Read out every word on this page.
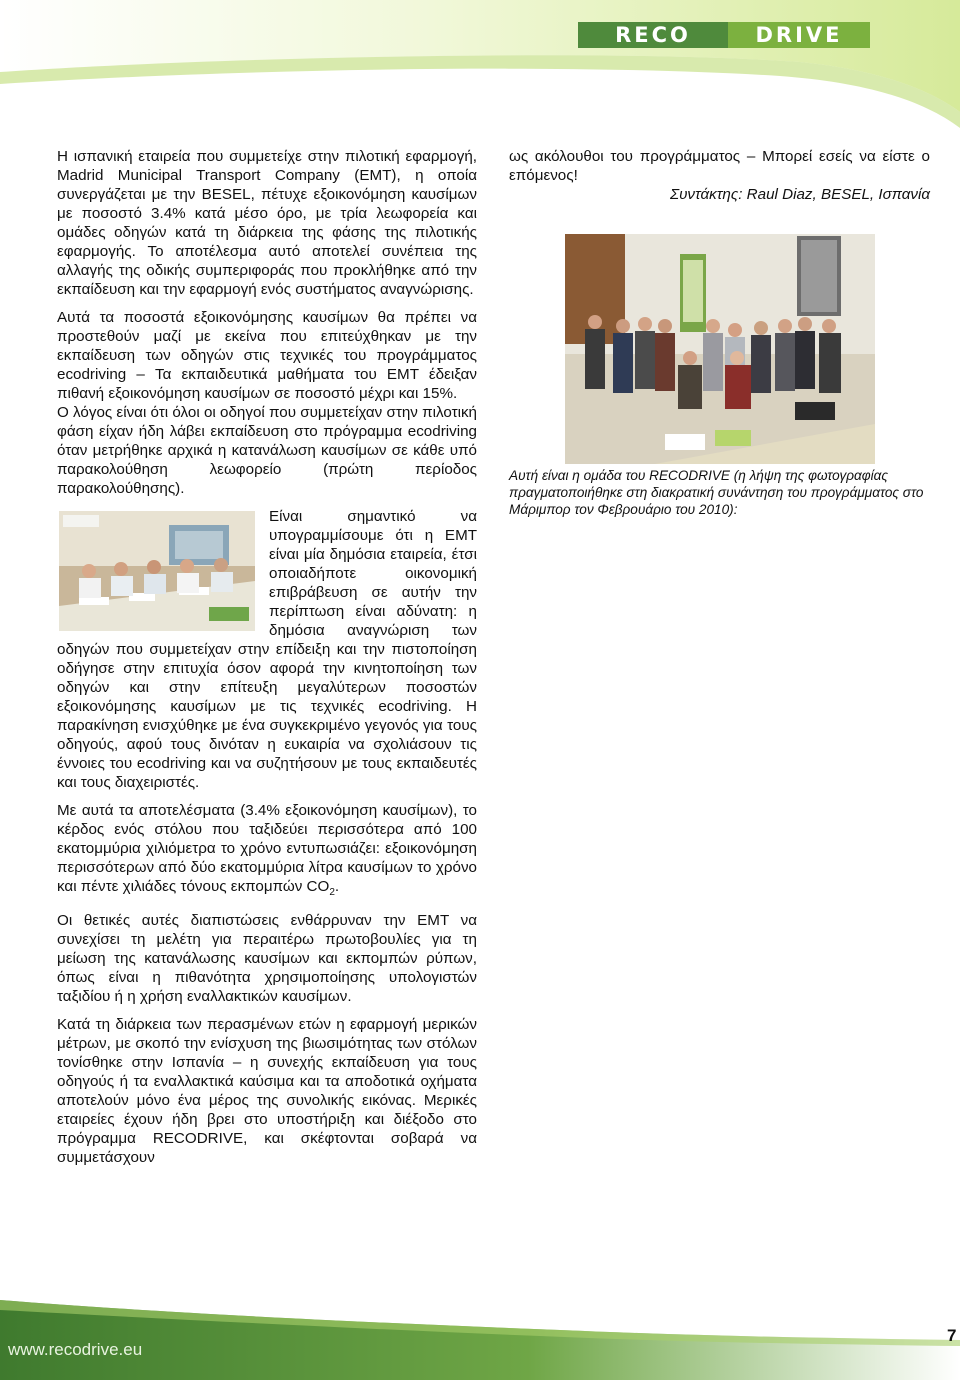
RECO	DRIVE

Η ισπανική εταιρεία που συμμετείχε στην πιλοτική εφαρμογή, Madrid Municipal Transport Company (EMT), η οποία συνεργάζεται με την BESEL, πέτυχε εξοικονόμηση καυσίμων με ποσοστό 3.4% κατά μέσο όρο, με τρία λεωφορεία και ομάδες οδηγών κατά τη διάρκεια της φάσης της πιλοτικής εφαρμογής. Το αποτέλεσμα αυτό αποτελεί συνέπεια της αλλαγής της οδικής συμπεριφοράς που προκλήθηκε από την εκπαίδευση και την εφαρμογή ενός συστήματος αναγνώρισης.

Αυτά τα ποσοστά εξοικονόμησης καυσίμων θα πρέπει να προστεθούν μαζί με εκείνα που επιτεύχθηκαν με την εκπαίδευση των οδηγών στις τεχνικές του προγράμματος ecodriving – Τα εκπαιδευτικά μαθήματα του EMT έδειξαν πιθανή εξοικονόμηση καυσίμων σε ποσοστό μέχρι και 15%.

Ο λόγος είναι ότι όλοι οι οδηγοί που συμμετείχαν στην πιλοτική φάση είχαν ήδη λάβει εκπαίδευση στο πρόγραμμα ecodriving όταν μετρήθηκε αρχικά η κατανάλωση καυσίμων σε κάθε υπό παρακολούθηση λεωφορείο (πρώτη περίοδος παρακολούθησης).

Είναι σημαντικό να υπογραμμίσουμε ότι η EMT είναι μία δημόσια εταιρεία, έτσι οποιαδήποτε οικονομική επιβράβευση σε αυτήν την περίπτωση είναι αδύνατη: η δημόσια αναγνώριση των οδηγών που συμμετείχαν στην επίδειξη και την πιστοποίηση οδήγησε στην επιτυχία όσον αφορά την κινητοποίηση των οδηγών και στην επίτευξη μεγαλύτερων ποσοστών εξοικονόμησης καυσίμων με τις τεχνικές ecodriving. Η παρακίνηση ενισχύθηκε με ένα συγκεκριμένο γεγονός για τους οδηγούς, αφού τους δινόταν η ευκαιρία να σχολιάσουν τις έννοιες του ecodriving και να συζητήσουν με τους εκπαιδευτές και τους διαχειριστές.

Με αυτά τα αποτελέσματα (3.4% εξοικονόμηση καυσίμων), το κέρδος ενός στόλου που ταξιδεύει περισσότερα από 100 εκατομμύρια χιλιόμετρα το χρόνο εντυπωσιάζει: εξοικονόμηση περισσότερων από δύο εκατομμύρια λίτρα καυσίμων το χρόνο και πέντε χιλιάδες τόνους εκπομπών $CO_2$.

Οι θετικές αυτές διαπιστώσεις ενθάρρυναν την EMT να συνεχίσει τη μελέτη για περαιτέρω πρωτοβουλίες για τη μείωση της κατανάλωσης καυσίμων και εκπομπών ρύπων, όπως είναι η πιθανότητα χρησιμοποίησης υπολογιστών ταξιδίου ή η χρήση εναλλακτικών καυσίμων.

Κατά τη διάρκεια των περασμένων ετών η εφαρμογή μερικών μέτρων, με σκοπό την ενίσχυση της βιωσιμότητας των στόλων τονίσθηκε στην Ισπανία – η συνεχής εκπαίδευση για τους οδηγούς ή τα εναλλακτικά καύσιμα και τα αποδοτικά οχήματα αποτελούν μόνο ένα μέρος της συνολικής εικόνας. Μερικές εταιρείες έχουν ήδη βρει στο υποστήριξη και διέξοδο στο πρόγραμμα RECODRIVE, και σκέφτονται σοβαρά να συμμετάσχουν

ως ακόλουθοι του προγράμματος – Μπορεί εσείς να είστε ο επόμενος!

Συντάκτης: Raul Diaz, BESEL, Ισπανία

Αυτή είναι η ομάδα του RECODRIVE (η λήψη της φωτογραφίας πραγματοποιήθηκε στη διακρατική συνάντηση του προγράμματος στο Μάριμπορ τον Φεβρουάριο του 2010):
www.recodrive.eu
7
